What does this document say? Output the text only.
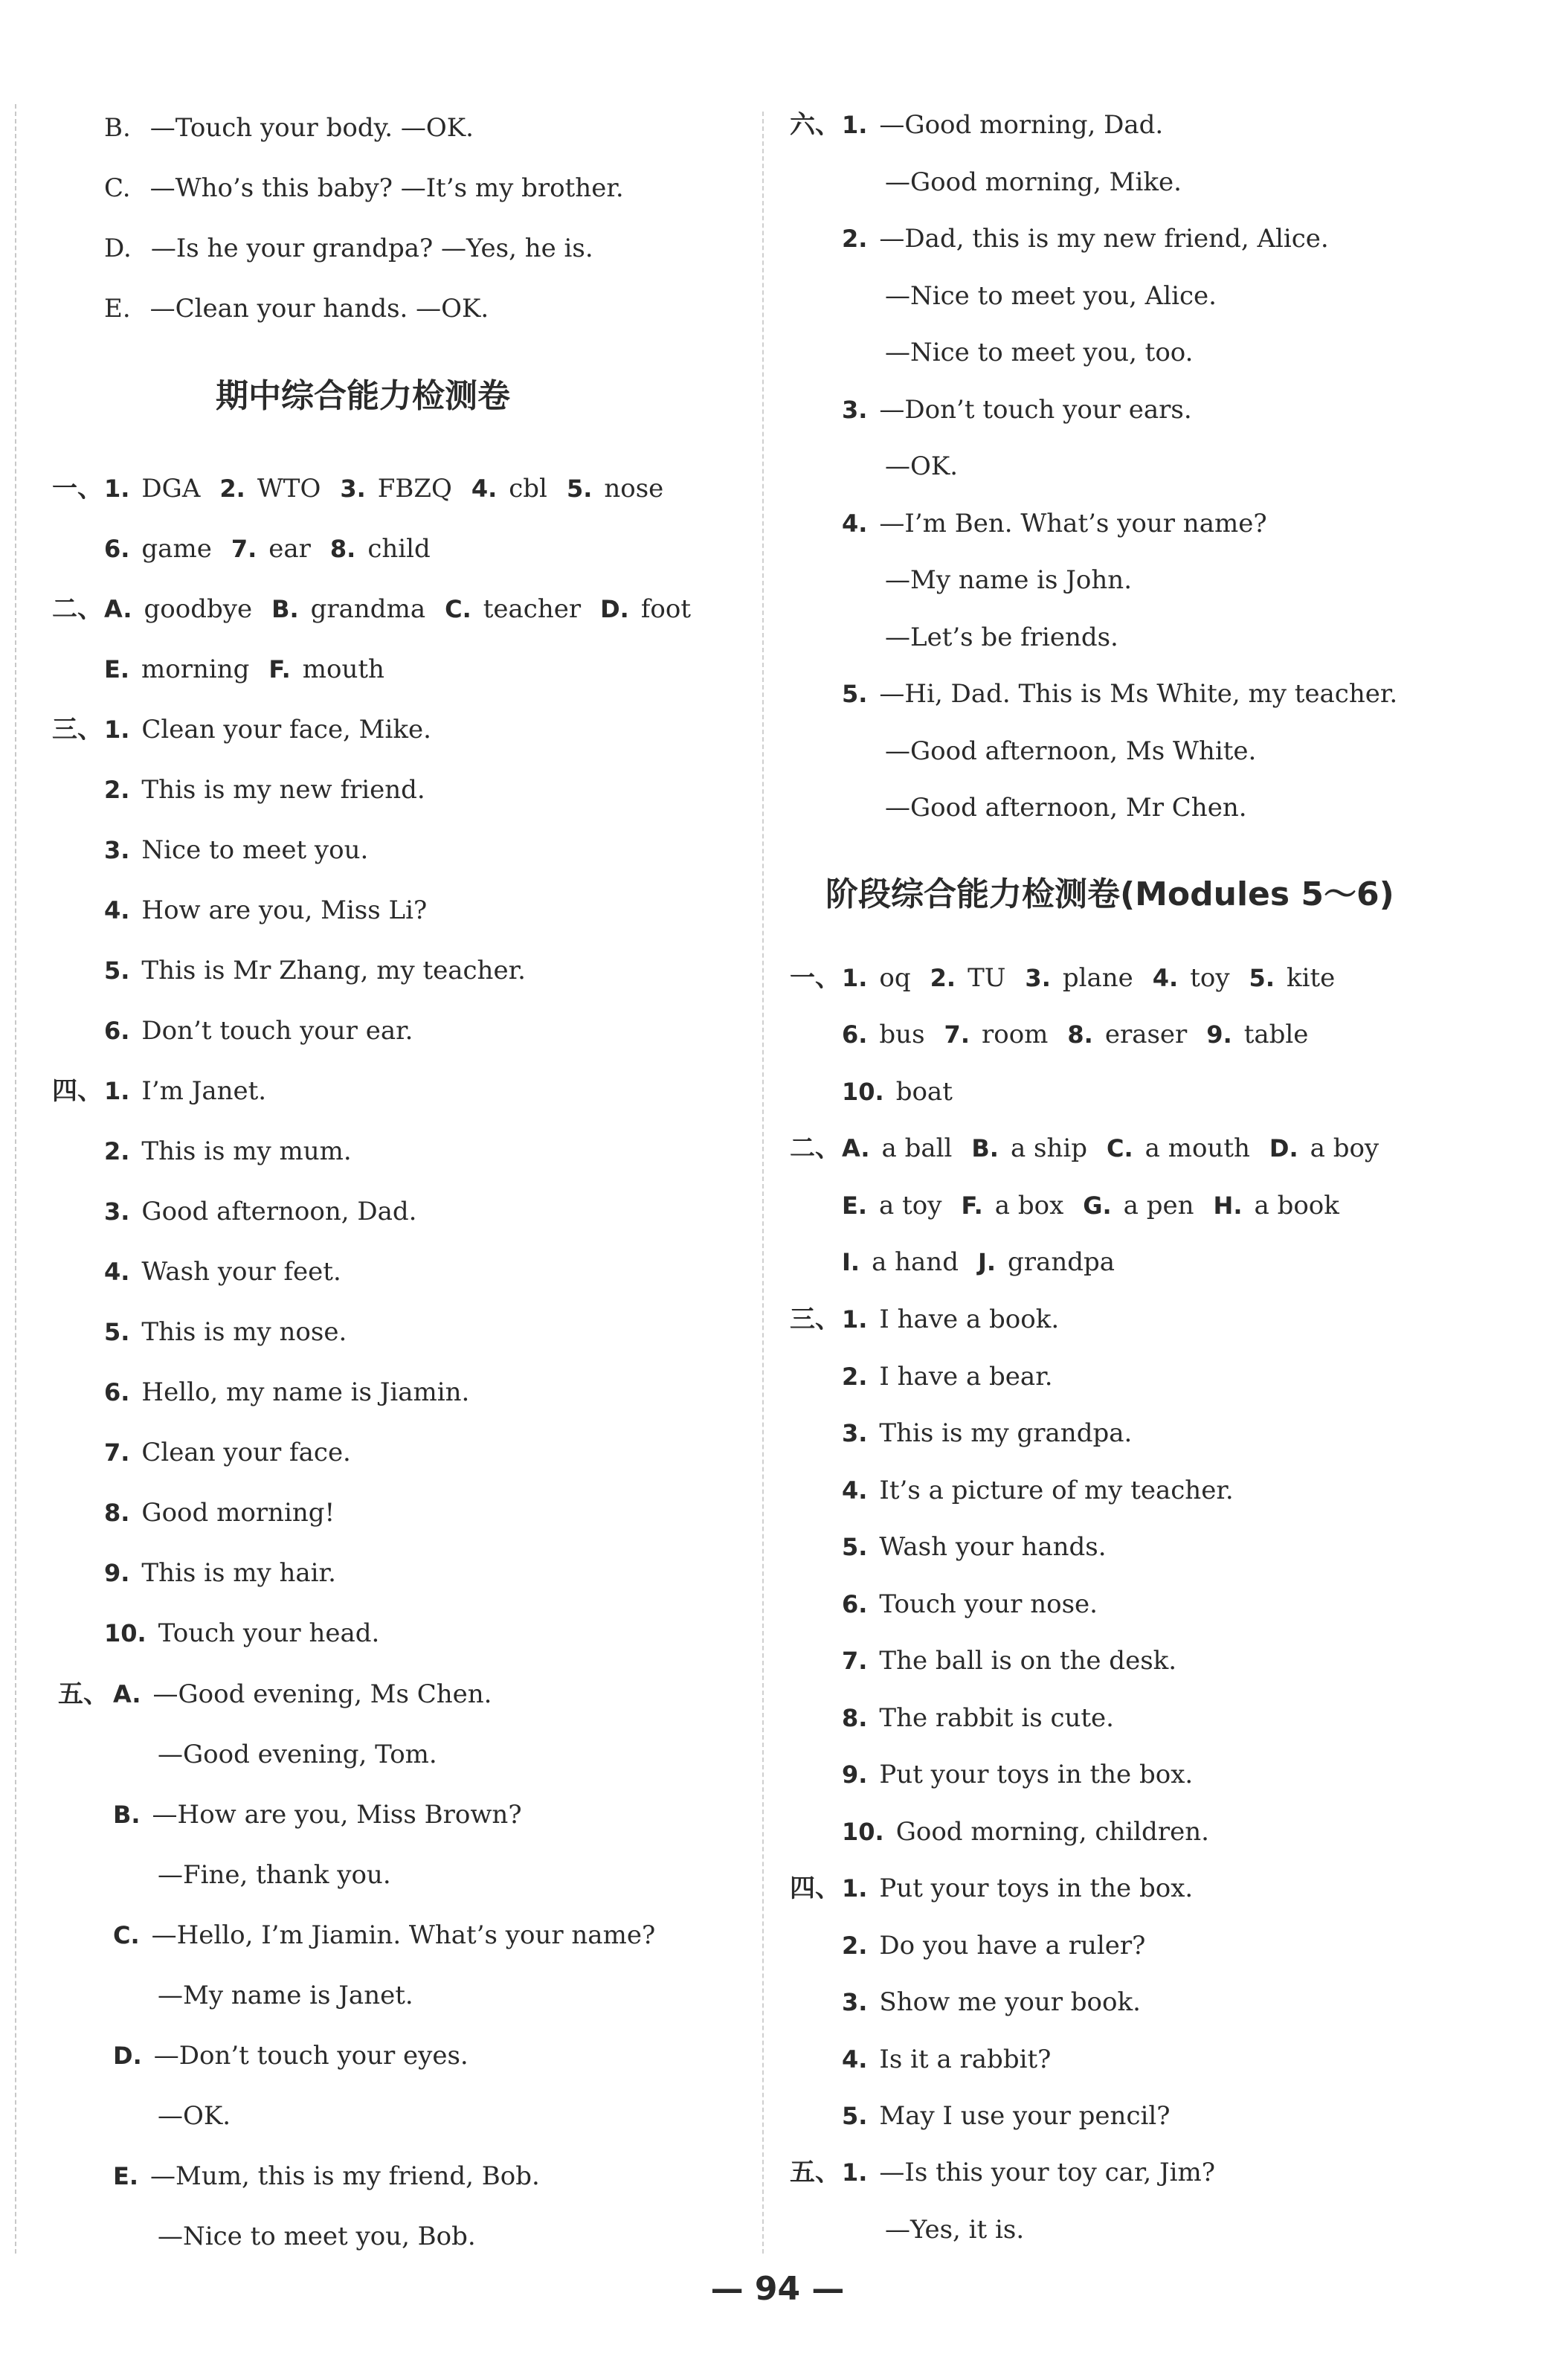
B. —Touch your body. —OK.
C. —Who’s this baby? —It’s my brother.
D. —Is he your grandpa? —Yes, he is.
E. —Clean your hands. —OK.
期中综合能力检测卷
一、 1. DGA 2. WTO 3. FBZQ 4. cbl 5. nose
6. game 7. ear 8. child
二、 A. goodbye B. grandma C. teacher D. foot
E. morning F. mouth
三、 1. Clean your face, Mike.
2. This is my new friend.
3. Nice to meet you.
4. How are you, Miss Li?
5. This is Mr Zhang, my teacher.
6. Don’t touch your ear.
四、 1. I’m Janet.
2. This is my mum.
3. Good afternoon, Dad.
4. Wash your feet.
5. This is my nose.
6. Hello, my name is Jiamin.
7. Clean your face.
8. Good morning!
9. This is my hair.
10. Touch your head.
五、 A. —Good evening, Ms Chen.
—Good evening, Tom.
B. —How are you, Miss Brown?
—Fine, thank you.
C. —Hello, I’m Jiamin. What’s your name?
—My name is Janet.
D. —Don’t touch your eyes.
—OK.
E. —Mum, this is my friend, Bob.
—Nice to meet you, Bob.
六、 1. —Good morning, Dad.
—Good morning, Mike.
2. —Dad, this is my new friend, Alice.
—Nice to meet you, Alice.
—Nice to meet you, too.
3. —Don’t touch your ears.
—OK.
4. —I’m Ben. What’s your name?
—My name is John.
—Let’s be friends.
5. —Hi, Dad. This is Ms White, my teacher.
—Good afternoon, Ms White.
—Good afternoon, Mr Chen.
阶段综合能力检测卷(Modules 5～6)
一、 1. oq 2. TU 3. plane 4. toy 5. kite
6. bus 7. room 8. eraser 9. table
10. boat
二、 A. a ball B. a ship C. a mouth D. a boy
E. a toy F. a box G. a pen H. a book
I. a hand J. grandpa
三、 1. I have a book.
2. I have a bear.
3. This is my grandpa.
4. It’s a picture of my teacher.
5. Wash your hands.
6. Touch your nose.
7. The ball is on the desk.
8. The rabbit is cute.
9. Put your toys in the box.
10. Good morning, children.
四、 1. Put your toys in the box.
2. Do you have a ruler?
3. Show me your book.
4. Is it a rabbit?
5. May I use your pencil?
五、 1. —Is this your toy car, Jim?
—Yes, it is.
— 94 —
